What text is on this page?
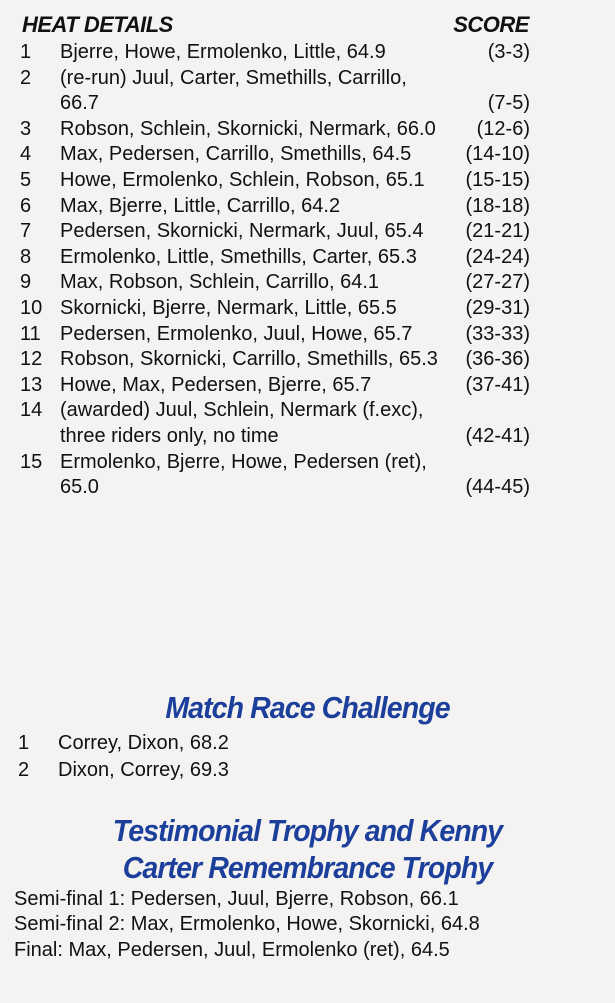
HEAT DETAILS	SCORE
1 Bjerre, Howe, Ermolenko, Little, 64.9	(3-3)
2 (re-run) Juul, Carter, Smethills, Carrillo, 66.7	(7-5)
3 Robson, Schlein, Skornicki, Nermark, 66.0	(12-6)
4 Max, Pedersen, Carrillo, Smethills, 64.5	(14-10)
5 Howe, Ermolenko, Schlein, Robson, 65.1	(15-15)
6 Max, Bjerre, Little, Carrillo, 64.2	(18-18)
7 Pedersen, Skornicki, Nermark, Juul, 65.4	(21-21)
8 Ermolenko, Little, Smethills, Carter, 65.3	(24-24)
9 Max, Robson, Schlein, Carrillo, 64.1	(27-27)
10 Skornicki, Bjerre, Nermark, Little, 65.5	(29-31)
11 Pedersen, Ermolenko, Juul, Howe, 65.7	(33-33)
12 Robson, Skornicki, Carrillo, Smethills, 65.3	(36-36)
13 Howe, Max, Pedersen, Bjerre, 65.7	(37-41)
14 (awarded) Juul, Schlein, Nermark (f.exc), three riders only, no time	(42-41)
15 Ermolenko, Bjerre, Howe, Pedersen (ret), 65.0	(44-45)
Match Race Challenge
1	Correy, Dixon, 68.2
2	Dixon, Correy, 69.3
Testimonial Trophy and Kenny
Carter Remembrance Trophy
Semi-final 1: Pedersen, Juul, Bjerre, Robson, 66.1
Semi-final 2: Max, Ermolenko, Howe, Skornicki, 64.8
Final: Max, Pedersen, Juul, Ermolenko (ret), 64.5
